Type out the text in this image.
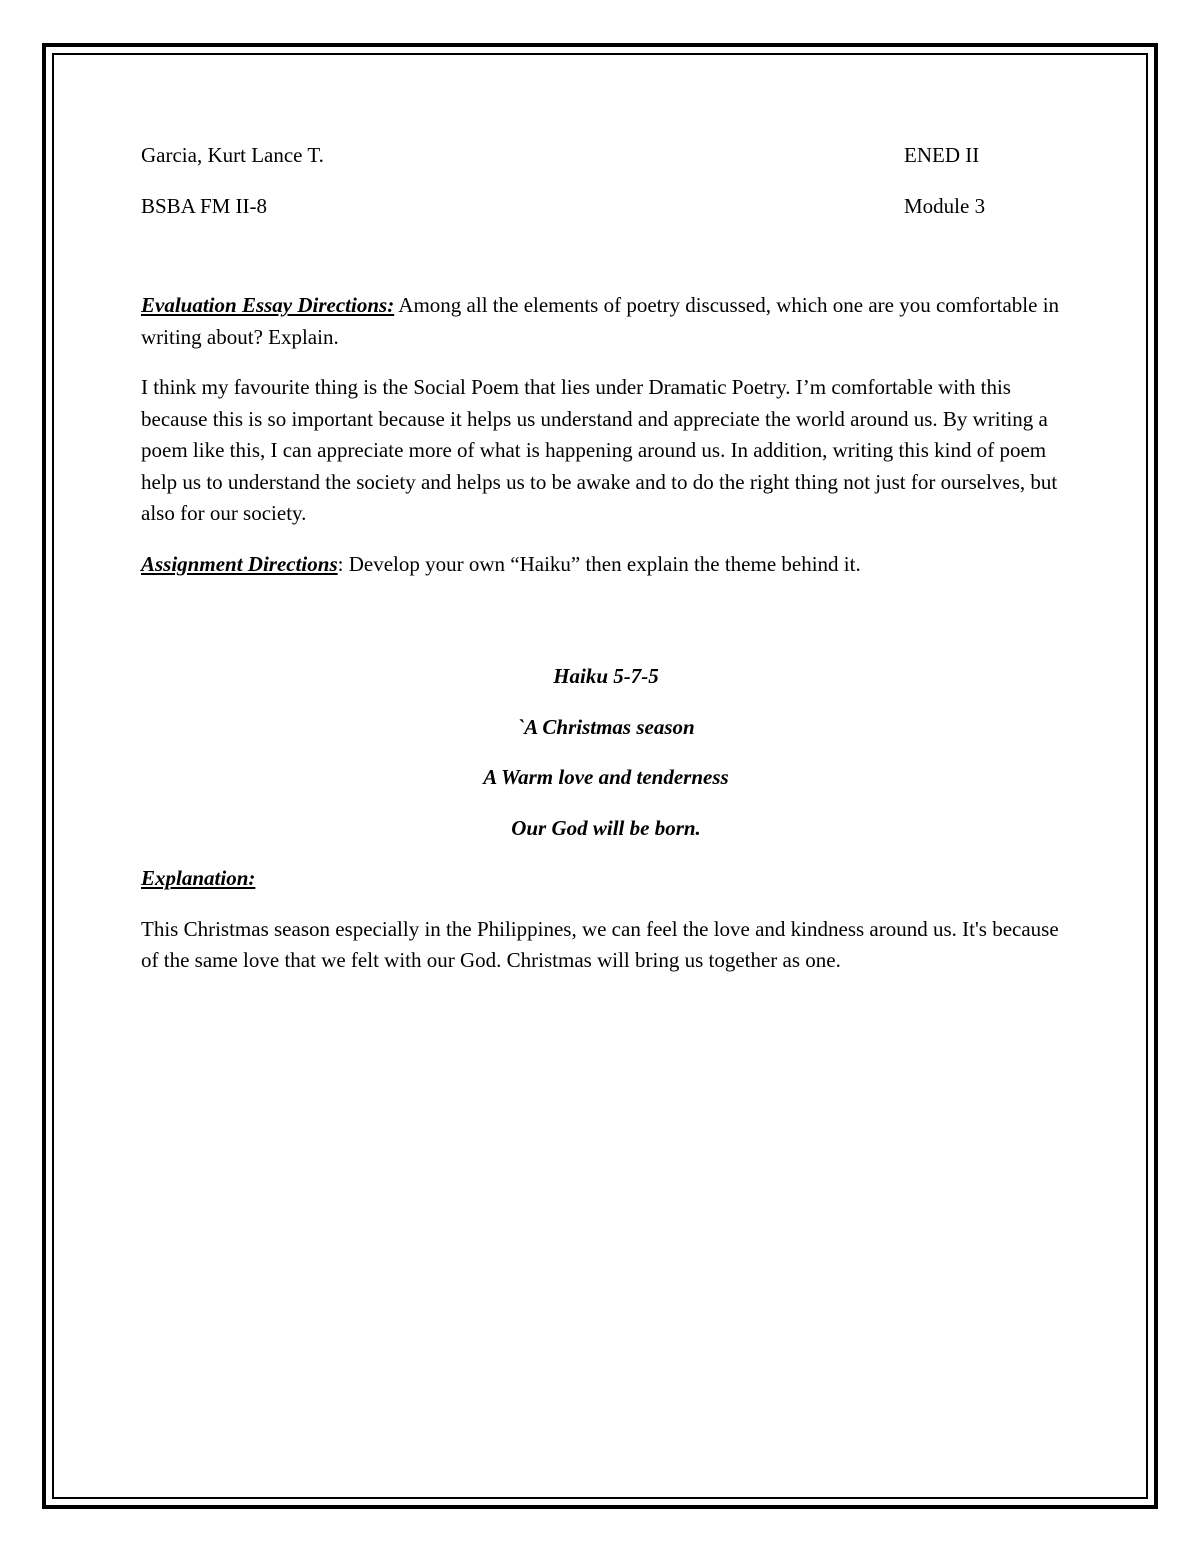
Garcia, Kurt Lance T.	ENED II
BSBA FM II-8	Module 3

Evaluation Essay Directions: Among all the elements of poetry discussed, which one are you comfortable in writing about? Explain.

I think my favourite thing is the Social Poem that lies under Dramatic Poetry. I’m comfortable with this because this is so important because it helps us understand and appreciate the world around us. By writing a poem like this, I can appreciate more of what is happening around us. In addition, writing this kind of poem help us to understand the society and helps us to be awake and to do the right thing not just for ourselves, but also for our society.

Assignment Directions: Develop your own “Haiku” then explain the theme behind it.

Haiku 5-7-5

`A Christmas season

A Warm love and tenderness

Our God will be born.

Explanation:

This Christmas season especially in the Philippines, we can feel the love and kindness around us. It's because of the same love that we felt with our God. Christmas will bring us together as one.
